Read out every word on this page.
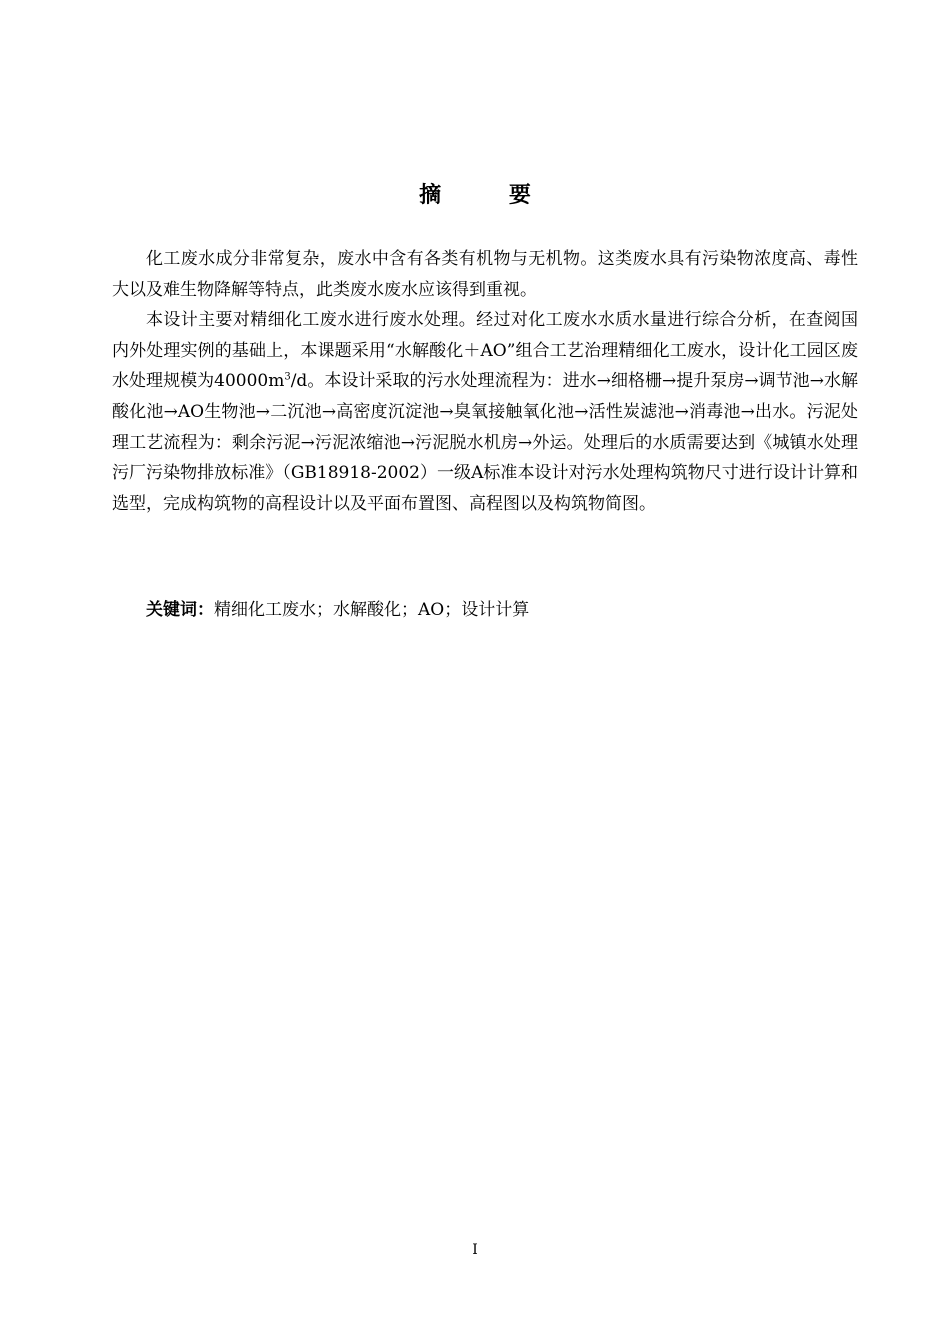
摘 要

化工废水成分非常复杂，废水中含有各类有机物与无机物。这类废水具有污染物浓度高、毒性大以及难生物降解等特点，此类废水废水应该得到重视。

本设计主要对精细化工废水进行废水处理。经过对化工废水水质水量进行综合分析，在查阅国内外处理实例的基础上，本课题采用“水解酸化＋AO”组合工艺治理精细化工废水，设计化工园区废水处理规模为$40000m^3/d$。本设计采取的污水处理流程为：进水→细格栅→提升泵房→调节池→水解酸化池→AO生物池→二沉池→高密度沉淀池→臭氧接触氧化池→活性炭滤池→消毒池→出水。污泥处理工艺流程为：剩余污泥→污泥浓缩池→污泥脱水机房→外运。处理后的水质需要达到《城镇水处理污厂污染物排放标准》（GB18918-2002）一级A标准本设计对污水处理构筑物尺寸进行设计计算和选型，完成构筑物的高程设计以及平面布置图、高程图以及构筑物简图。

关键词：精细化工废水；水解酸化；AO；设计计算
I
